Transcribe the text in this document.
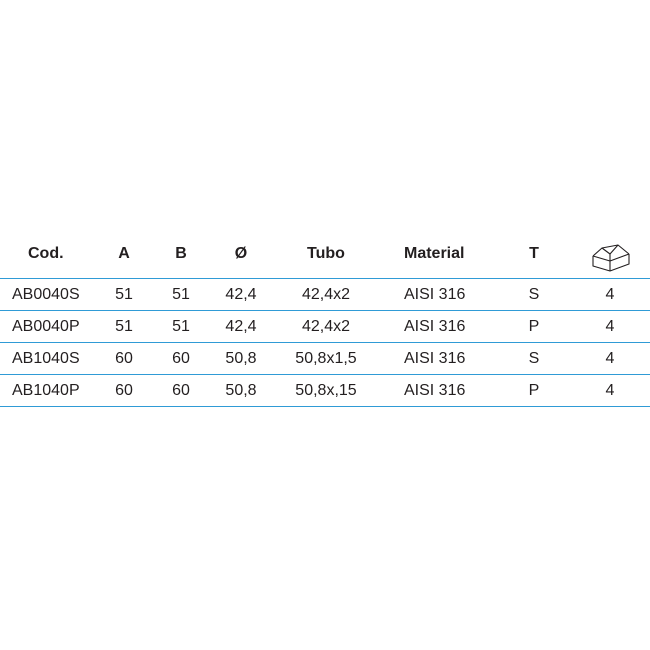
Cod.	A	B	Ø	Tubo	Material	T
AB0040S	51	51	42,4	42,4x2	AISI 316	S	4
AB0040P	51	51	42,4	42,4x2	AISI 316	P	4
AB1040S	60	60	50,8	50,8x1,5	AISI 316	S	4
AB1040P	60	60	50,8	50,8x,15	AISI 316	P	4
